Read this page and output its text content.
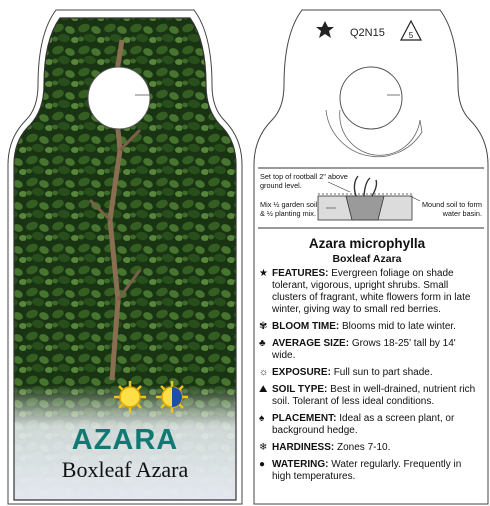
5
AZARA
Boxleaf Azara
Q2N15
Set top of rootball 2" above ground level.
Mix ½ garden soil & ½ planting mix.
Mound soil to form water basin.
Azara microphylla
Boxleaf Azara
★ FEATURES: Evergreen foliage on shade tolerant, vigorous, upright shrubs. Small clusters of fragrant, white flowers form in late winter, giving way to small red berries.
✾ BLOOM TIME: Blooms mid to late winter.
♣ AVERAGE SIZE: Grows 18-25' tall by 14' wide.
☼ EXPOSURE: Full sun to part shade.
⛰ SOIL TYPE: Best in well-drained, nutrient rich soil. Tolerant of less ideal conditions.
♠ PLACEMENT: Ideal as a screen plant, or background hedge.
❄ HARDINESS: Zones 7-10.
● WATERING: Water regularly. Frequently in high temperatures.
